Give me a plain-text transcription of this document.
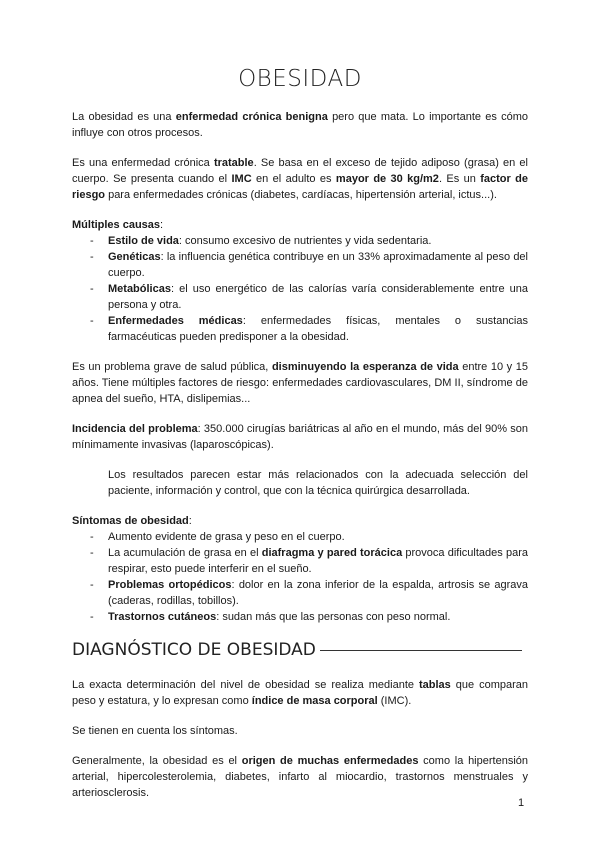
OBESIDAD

La obesidad es una enfermedad crónica benigna pero que mata. Lo importante es cómo influye con otros procesos.

Es una enfermedad crónica tratable. Se basa en el exceso de tejido adiposo (grasa) en el cuerpo. Se presenta cuando el IMC en el adulto es mayor de 30 kg/m2. Es un factor de riesgo para enfermedades crónicas (diabetes, cardíacas, hipertensión arterial, ictus...).

Múltiples causas:

- Estilo de vida: consumo excesivo de nutrientes y vida sedentaria.
- Genéticas: la influencia genética contribuye en un 33% aproximadamente al peso del cuerpo.
- Metabólicas: el uso energético de las calorías varía considerablemente entre una persona y otra.
- Enfermedades médicas: enfermedades físicas, mentales o sustancias farmacéuticas pueden predisponer a la obesidad.

Es un problema grave de salud pública, disminuyendo la esperanza de vida entre 10 y 15 años. Tiene múltiples factores de riesgo: enfermedades cardiovasculares, DM II, síndrome de apnea del sueño, HTA, dislipemias...

Incidencia del problema: 350.000 cirugías bariátricas al año en el mundo, más del 90% son mínimamente invasivas (laparoscópicas).

Los resultados parecen estar más relacionados con la adecuada selección del paciente, información y control, que con la técnica quirúrgica desarrollada.

Síntomas de obesidad:

- Aumento evidente de grasa y peso en el cuerpo.
- La acumulación de grasa en el diafragma y pared torácica provoca dificultades para respirar, esto puede interferir en el sueño.
- Problemas ortopédicos: dolor en la zona inferior de la espalda, artrosis se agrava (caderas, rodillas, tobillos).
- Trastornos cutáneos: sudan más que las personas con peso normal.
DIAGNÓSTICO DE OBESIDAD

La exacta determinación del nivel de obesidad se realiza mediante tablas que comparan peso y estatura, y lo expresan como índice de masa corporal (IMC).

Se tienen en cuenta los síntomas.

Generalmente, la obesidad es el origen de muchas enfermedades como la hipertensión arterial, hipercolesterolemia, diabetes, infarto al miocardio, trastornos menstruales y arteriosclerosis.

1
